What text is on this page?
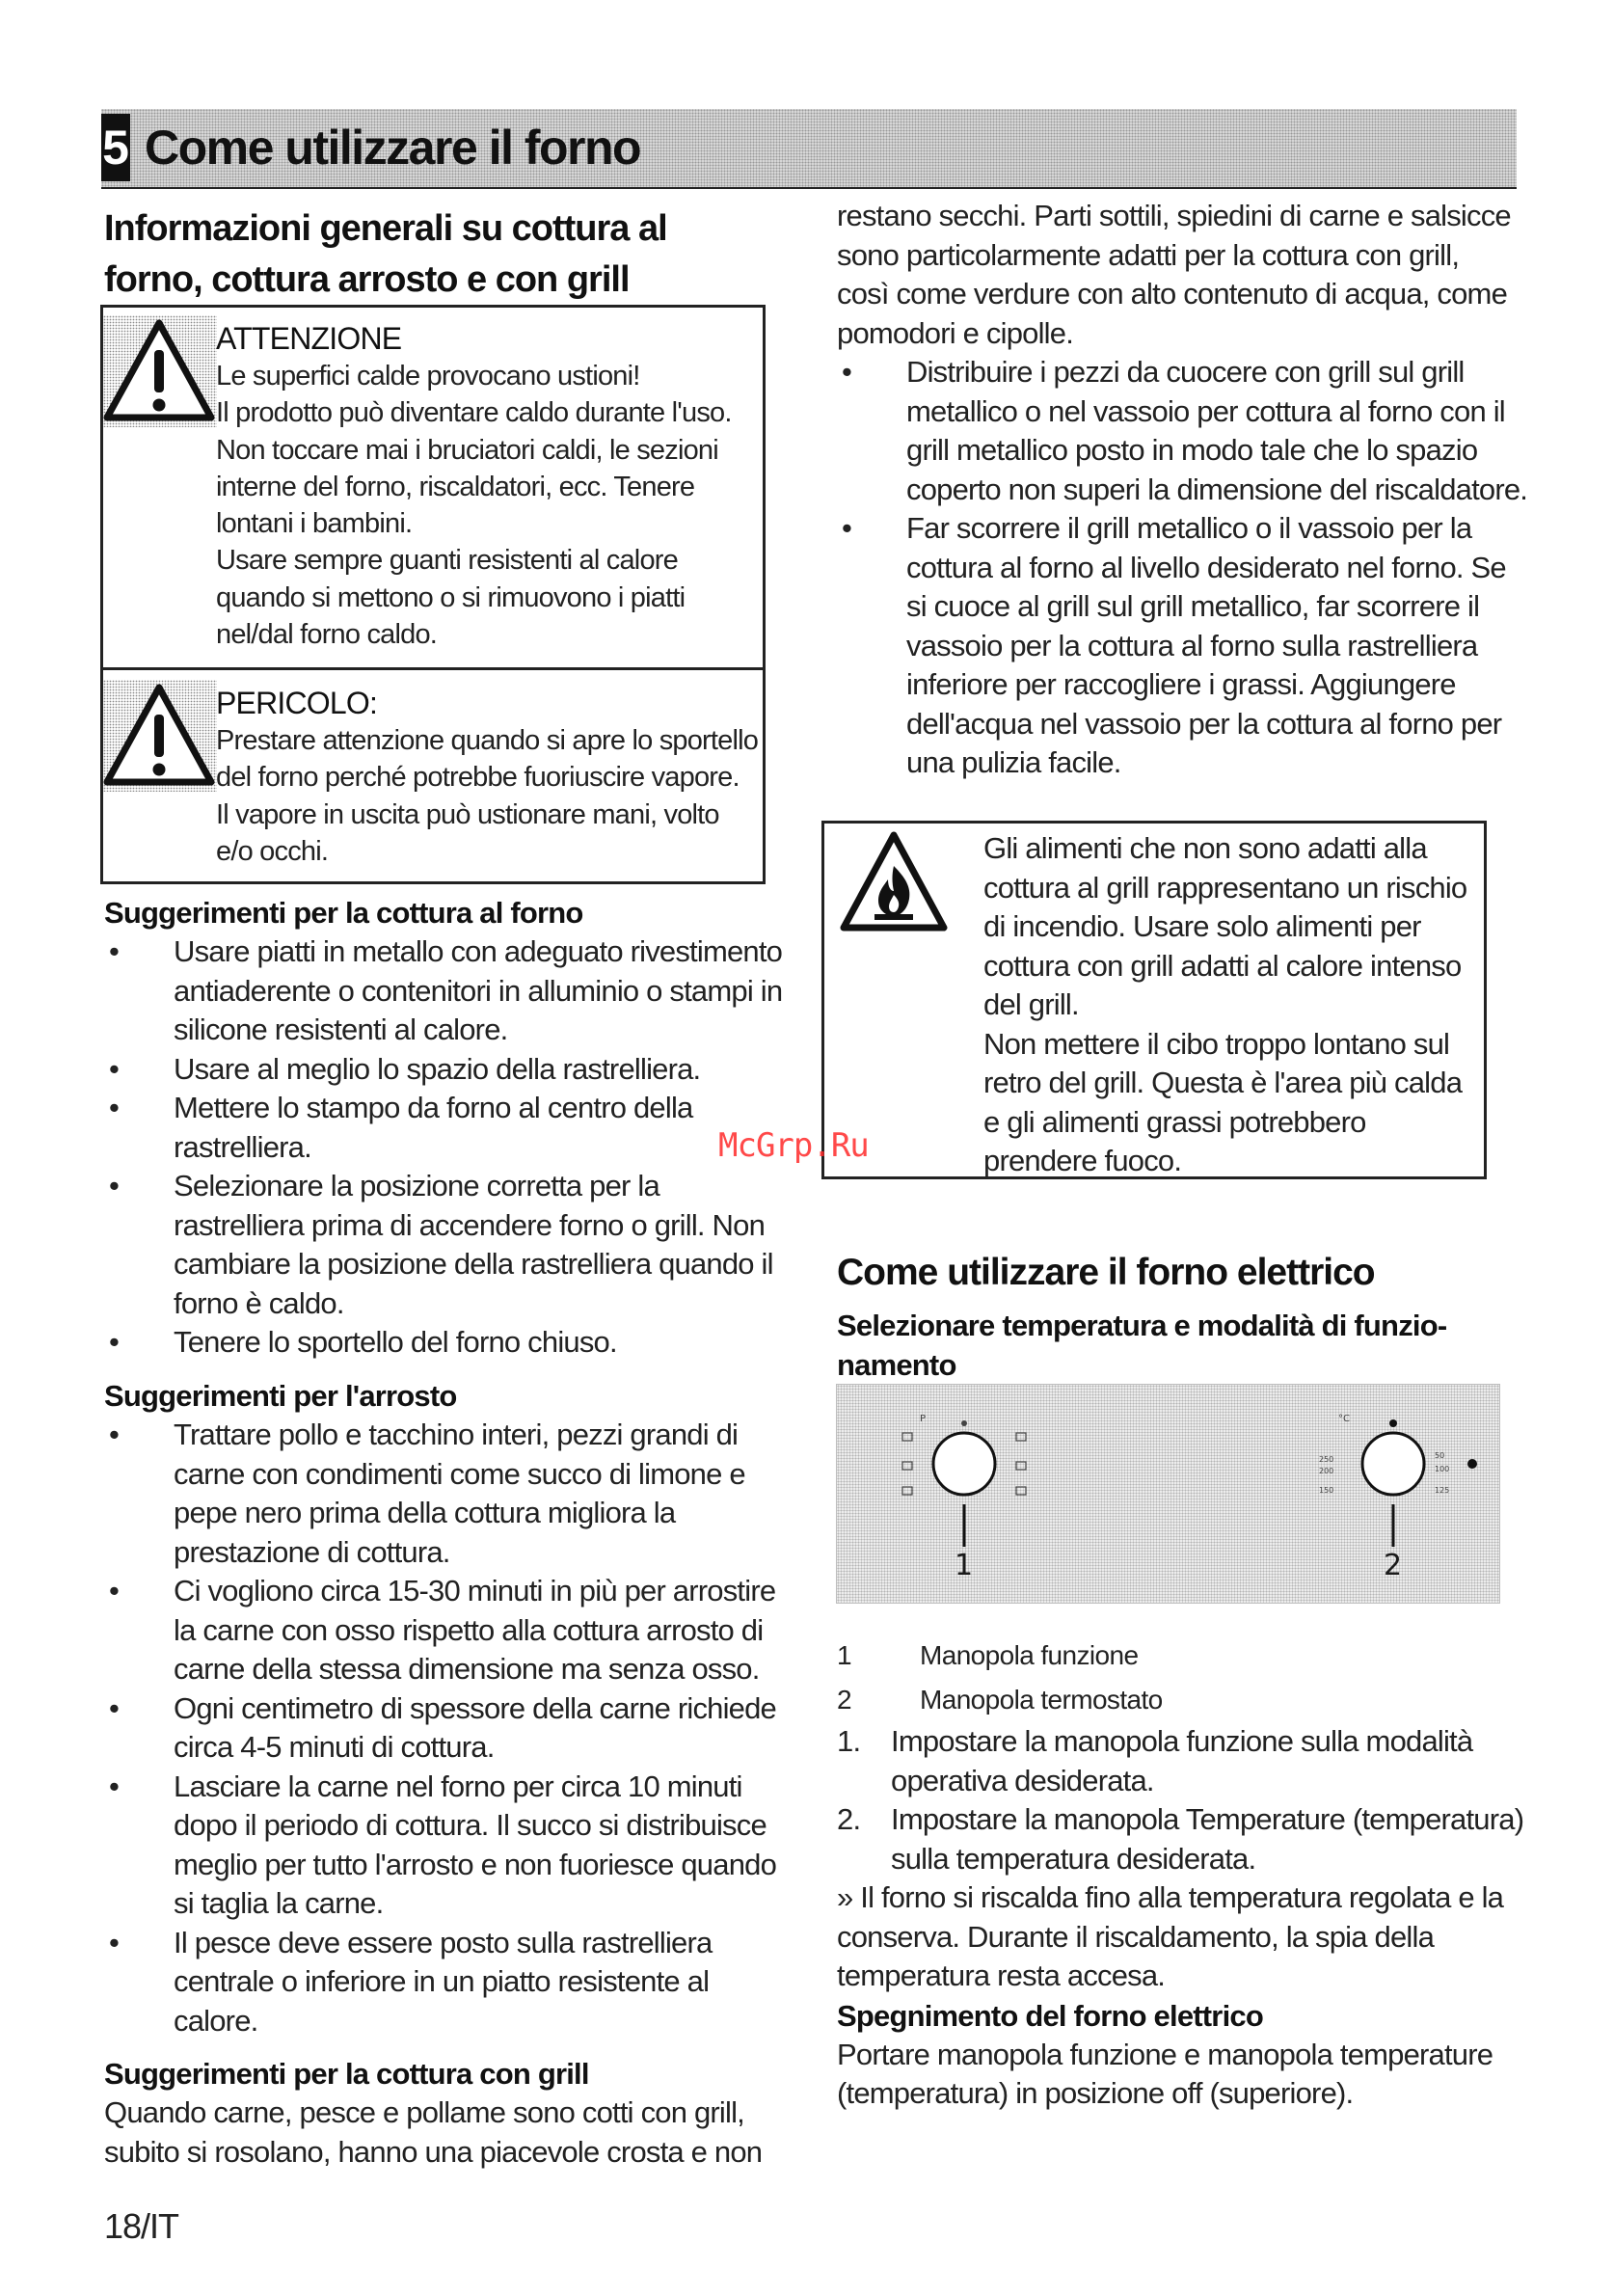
5 Come utilizzare il forno
Informazioni generali su cottura al
forno, cottura arrosto e con grill
ATTENZIONE
Le superfici calde provocano ustioni!
Il prodotto può diventare caldo durante l'uso.
Non toccare mai i bruciatori caldi, le sezioni
interne del forno, riscaldatori, ecc. Tenere
lontani i bambini.
Usare sempre guanti resistenti al calore
quando si mettono o si rimuovono i piatti
nel/dal forno caldo.
PERICOLO:
Prestare attenzione quando si apre lo sportello
del forno perché potrebbe fuoriuscire vapore.
Il vapore in uscita può ustionare mani, volto
e/o occhi.
Suggerimenti per la cottura al forno
• Usare piatti in metallo con adeguato rivestimento
antiaderente o contenitori in alluminio o stampi in
silicone resistenti al calore.
• Usare al meglio lo spazio della rastrelliera.
• Mettere lo stampo da forno al centro della
rastrelliera.
• Selezionare la posizione corretta per la
rastrelliera prima di accendere forno o grill. Non
cambiare la posizione della rastrelliera quando il
forno è caldo.
• Tenere lo sportello del forno chiuso.
Suggerimenti per l'arrosto
• Trattare pollo e tacchino interi, pezzi grandi di
carne con condimenti come succo di limone e
pepe nero prima della cottura migliora la
prestazione di cottura.
• Ci vogliono circa 15-30 minuti in più per arrostire
la carne con osso rispetto alla cottura arrosto di
carne della stessa dimensione ma senza osso.
• Ogni centimetro di spessore della carne richiede
circa 4-5 minuti di cottura.
• Lasciare la carne nel forno per circa 10 minuti
dopo il periodo di cottura. Il succo si distribuisce
meglio per tutto l'arrosto e non fuoriesce quando
si taglia la carne.
• Il pesce deve essere posto sulla rastrelliera
centrale o inferiore in un piatto resistente al
calore.
Suggerimenti per la cottura con grill
Quando carne, pesce e pollame sono cotti con grill,
subito si rosolano, hanno una piacevole crosta e non
restano secchi. Parti sottili, spiedini di carne e salsicce
sono particolarmente adatti per la cottura con grill,
così come verdure con alto contenuto di acqua, come
pomodori e cipolle.
• Distribuire i pezzi da cuocere con grill sul grill
metallico o nel vassoio per cottura al forno con il
grill metallico posto in modo tale che lo spazio
coperto non superi la dimensione del riscaldatore.
• Far scorrere il grill metallico o il vassoio per la
cottura al forno al livello desiderato nel forno. Se
si cuoce al grill sul grill metallico, far scorrere il
vassoio per la cottura al forno sulla rastrelliera
inferiore per raccogliere i grassi. Aggiungere
dell'acqua nel vassoio per la cottura al forno per
una pulizia facile.
Gli alimenti che non sono adatti alla
cottura al grill rappresentano un rischio
di incendio. Usare solo alimenti per
cottura con grill adatti al calore intenso
del grill.
Non mettere il cibo troppo lontano sul
retro del grill. Questa è l'area più calda
e gli alimenti grassi potrebbero
prendere fuoco.
McGrp.Ru
Come utilizzare il forno elettrico
Selezionare temperatura e modalità di funzio-
namento
P	°C
250
200
150
50
100
125
1	2
1	Manopola funzione
2	Manopola termostato
1. Impostare la manopola funzione sulla modalità
operativa desiderata.
2. Impostare la manopola Temperature (temperatura)
sulla temperatura desiderata.
» Il forno si riscalda fino alla temperatura regolata e la
conserva. Durante il riscaldamento, la spia della
temperatura resta accesa.
Spegnimento del forno elettrico
Portare manopola funzione e manopola temperature
(temperatura) in posizione off (superiore).
18/IT
